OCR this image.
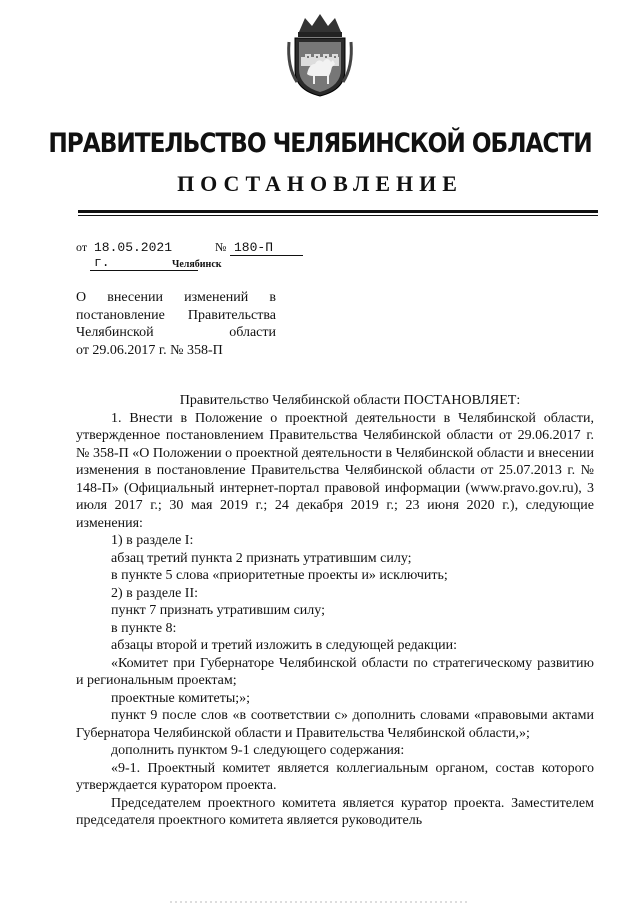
ПРАВИТЕЛЬСТВО ЧЕЛЯБИНСКОЙ ОБЛАСТИ
ПОСТАНОВЛЕНИЕ
от 18.05.2021 г.
№ 180-П
Челябинск
О внесении изменений в
постановление Правительства
Челябинской области
от 29.06.2017 г. № 358-П

Правительство Челябинской области ПОСТАНОВЛЯЕТ:

1. Внести в Положение о проектной деятельности в Челябинской области, утвержденное постановлением Правительства Челябинской области от 29.06.2017 г. № 358-П «О Положении о проектной деятельности в Челябинской области и внесении изменения в постановление Правительства Челябинской области от 25.07.2013 г. № 148-П» (Официальный интернет-портал правовой информации (www.pravo.gov.ru), 3 июля 2017 г.; 30 мая 2019 г.; 24 декабря 2019 г.; 23 июня 2020 г.), следующие изменения:

1) в разделе I:

абзац третий пункта 2 признать утратившим силу;

в пункте 5 слова «приоритетные проекты и» исключить;

2) в разделе II:

пункт 7 признать утратившим силу;

в пункте 8:

абзацы второй и третий изложить в следующей редакции:

«Комитет при Губернаторе Челябинской области по стратегическому развитию и региональным проектам;

проектные комитеты;»;

пункт 9 после слов «в соответствии с» дополнить словами «правовыми актами Губернатора Челябинской области и Правительства Челябинской области,»;

дополнить пунктом 9-1 следующего содержания:

«9-1. Проектный комитет является коллегиальным органом, состав которого утверждается куратором проекта.

Председателем проектного комитета является куратор проекта. Заместителем председателя проектного комитета является руководитель
